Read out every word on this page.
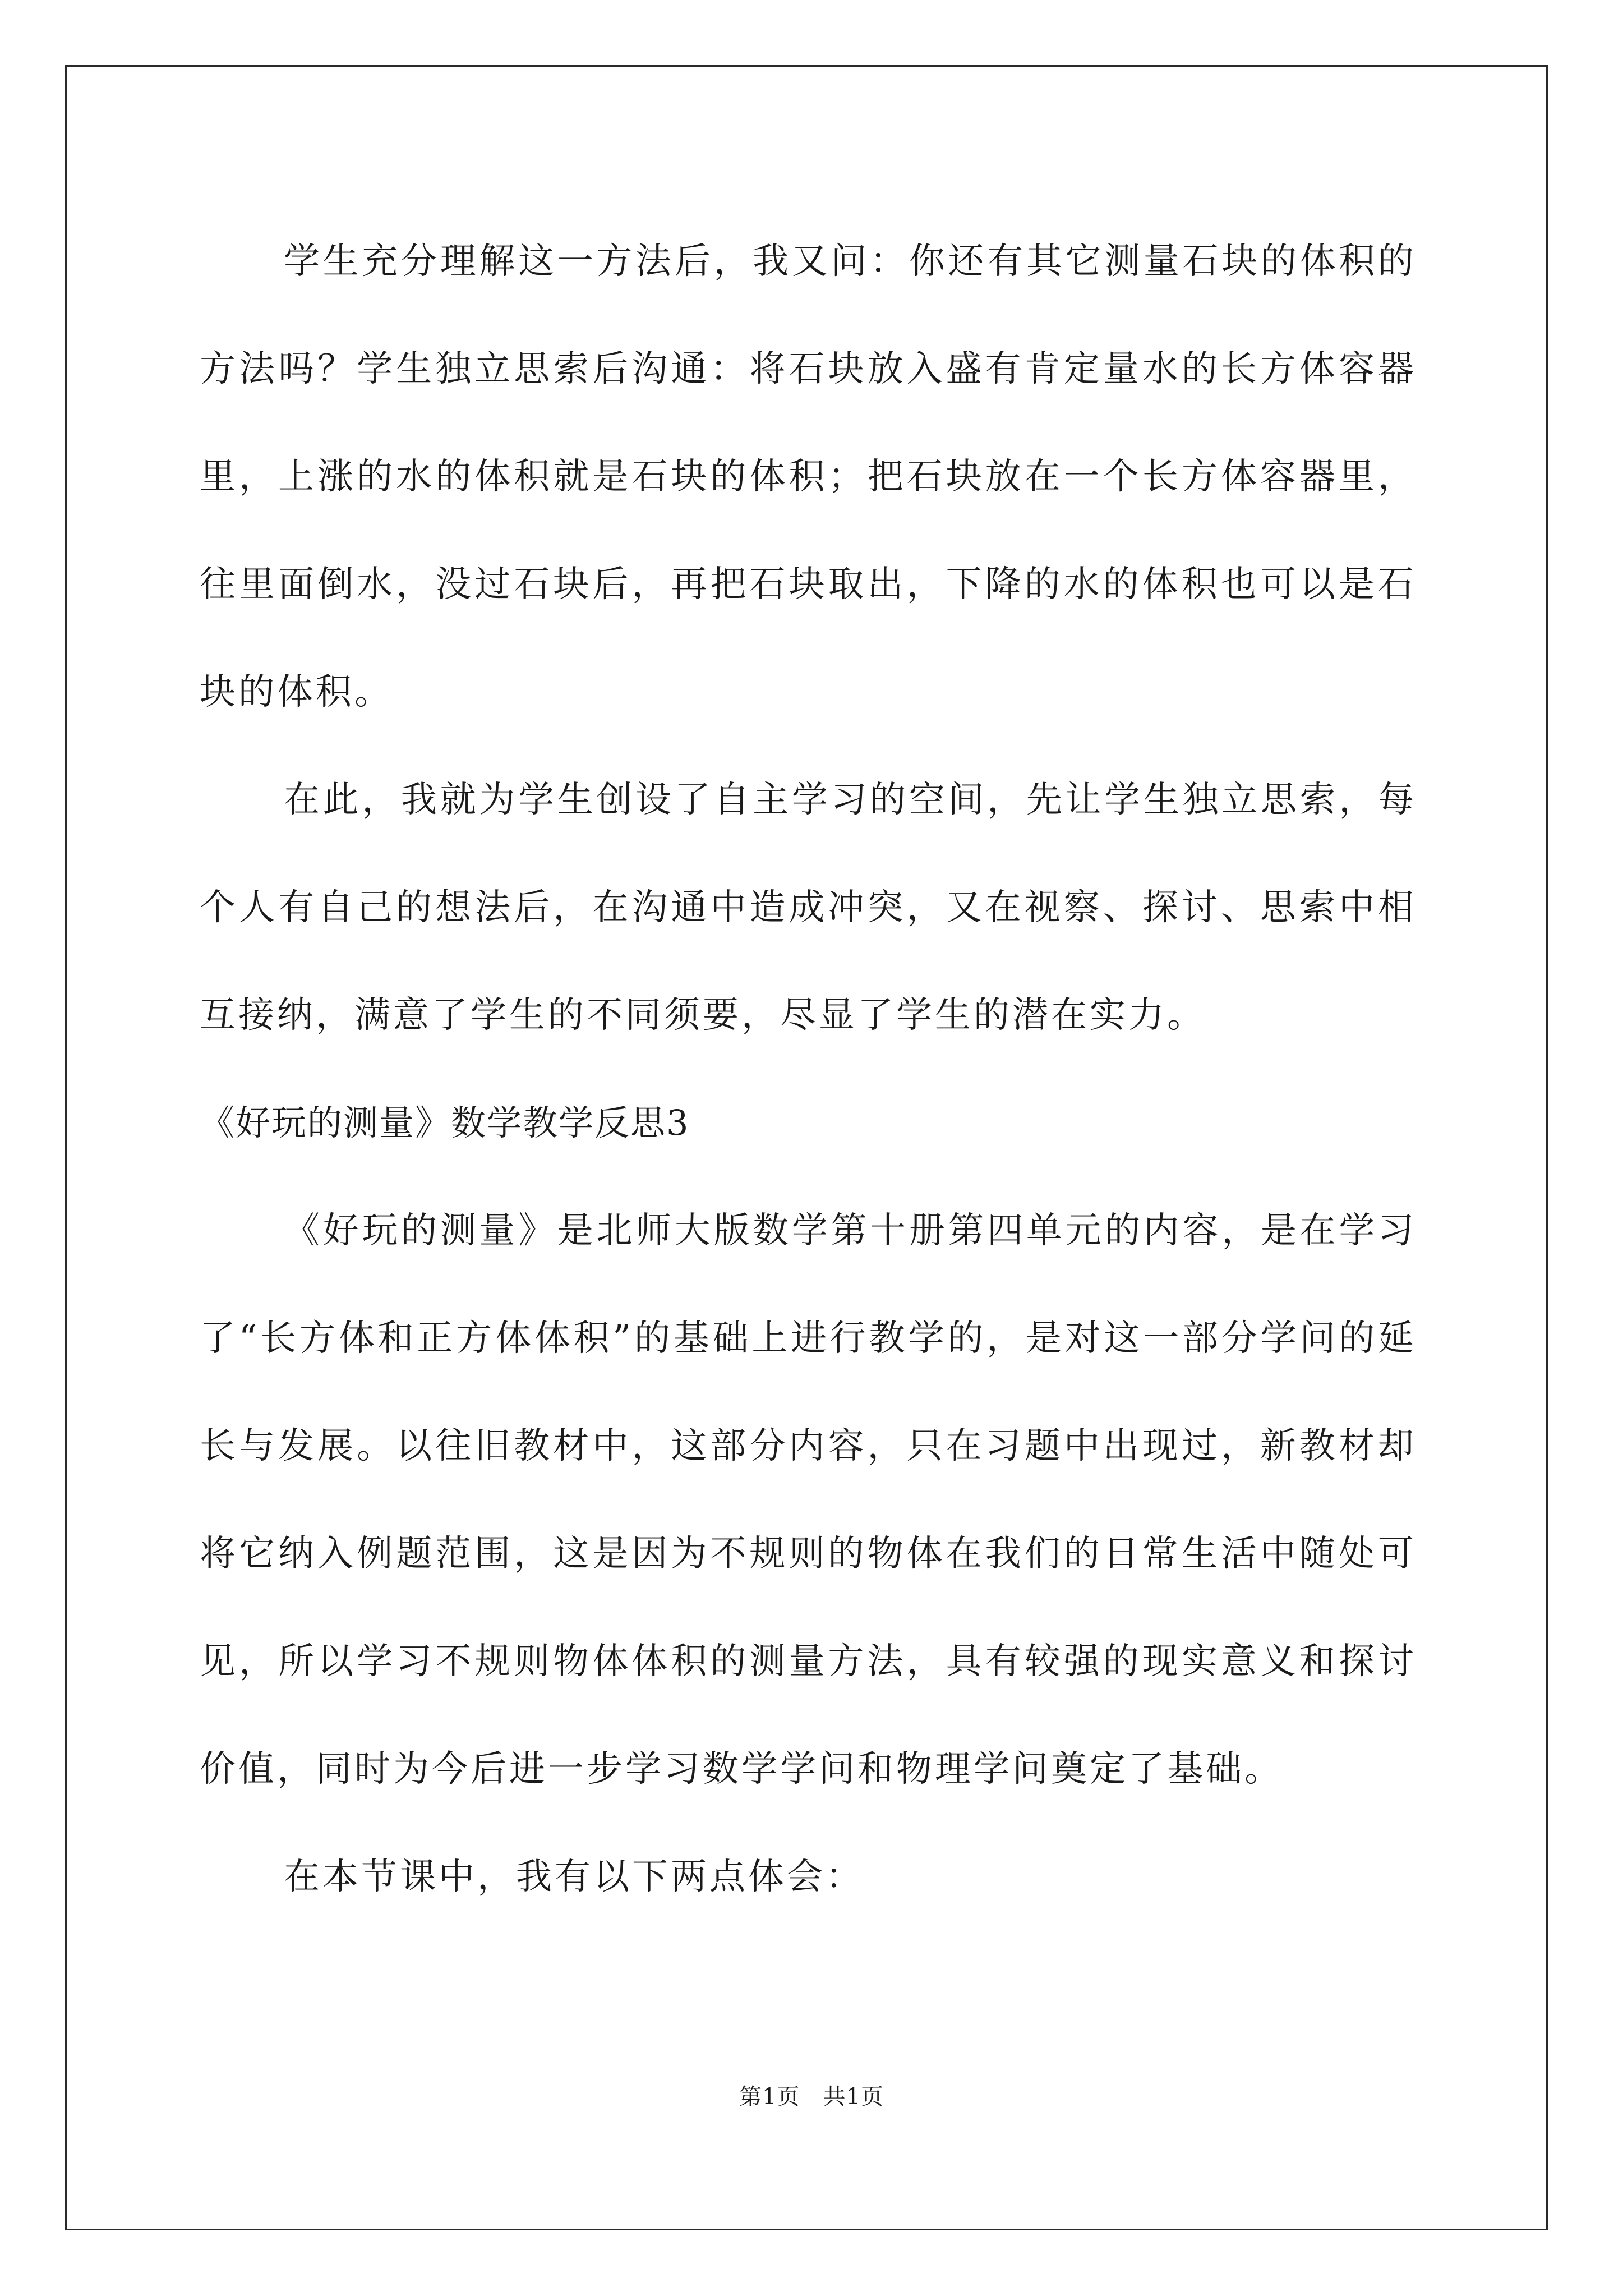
学生充分理解这一方法后，我又问：你还有其它测量石块的体积的方法吗？学生独立思索后沟通：将石块放入盛有肯定量水的长方体容器里，上涨的水的体积就是石块的体积；把石块放在一个长方体容器里，往里面倒水，没过石块后，再把石块取出，下降的水的体积也可以是石块的体积。

在此，我就为学生创设了自主学习的空间，先让学生独立思索，每个人有自己的想法后，在沟通中造成冲突，又在视察、探讨、思索中相互接纳，满意了学生的不同须要，尽显了学生的潜在实力。

《好玩的测量》数学教学反思3

《好玩的测量》是北师大版数学第十册第四单元的内容，是在学习了“长方体和正方体体积”的基础上进行教学的，是对这一部分学问的延长与发展。以往旧教材中，这部分内容，只在习题中出现过，新教材却将它纳入例题范围，这是因为不规则的物体在我们的日常生活中随处可见，所以学习不规则物体体积的测量方法，具有较强的现实意义和探讨价值，同时为今后进一步学习数学学问和物理学问奠定了基础。

在本节课中，我有以下两点体会：

第1页　共1页
